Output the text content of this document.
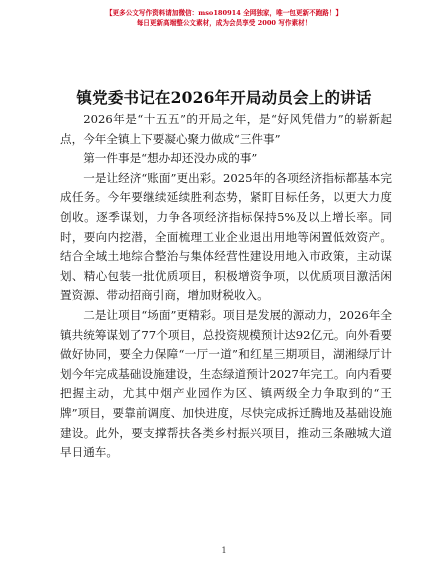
【更多公文写作资料请加微信：mso180914 全网独家，唯一包更新不跑路！】
每日更新高端整公文素材，成为会员享受 2000 写作素材！
镇党委书记在2026年开局动员会上的讲话

2026年是“十五五”的开局之年，是“好风凭借力”的崭新起点，今年全镇上下要凝心聚力做成“三件事”

第一件事是“想办却还没办成的事”

一是让经济“账面”更出彩。2025年的各项经济指标都基本完成任务。今年要继续延续胜利态势，紧盯目标任务，以更大力度创收。逐季谋划，力争各项经济指标保持5%及以上增长率。同时，要向内挖潜，全面梳理工业企业退出用地等闲置低效资产。结合全域土地综合整治与集体经营性建设用地入市政策，主动谋划、精心包装一批优质项目，积极增资争项，以优质项目激活闲置资源、带动招商引商，增加财税收入。

二是让项目“场面”更精彩。项目是发展的源动力，2026年全镇共统筹谋划了77个项目，总投资规模预计达92亿元。向外看要做好协同，要全力保障“一厅一道”和红星三期项目，湖湘绿厅计划今年完成基础设施建设，生态绿道预计2027年完工。向内看要把握主动，尤其中烟产业园作为区、镇两级全力争取到的“王牌”项目，要靠前调度、加快进度，尽快完成拆迁腾地及基础设施建设。此外，要支撑帮扶各类乡村振兴项目，推动三条融城大道早日通车。

1
